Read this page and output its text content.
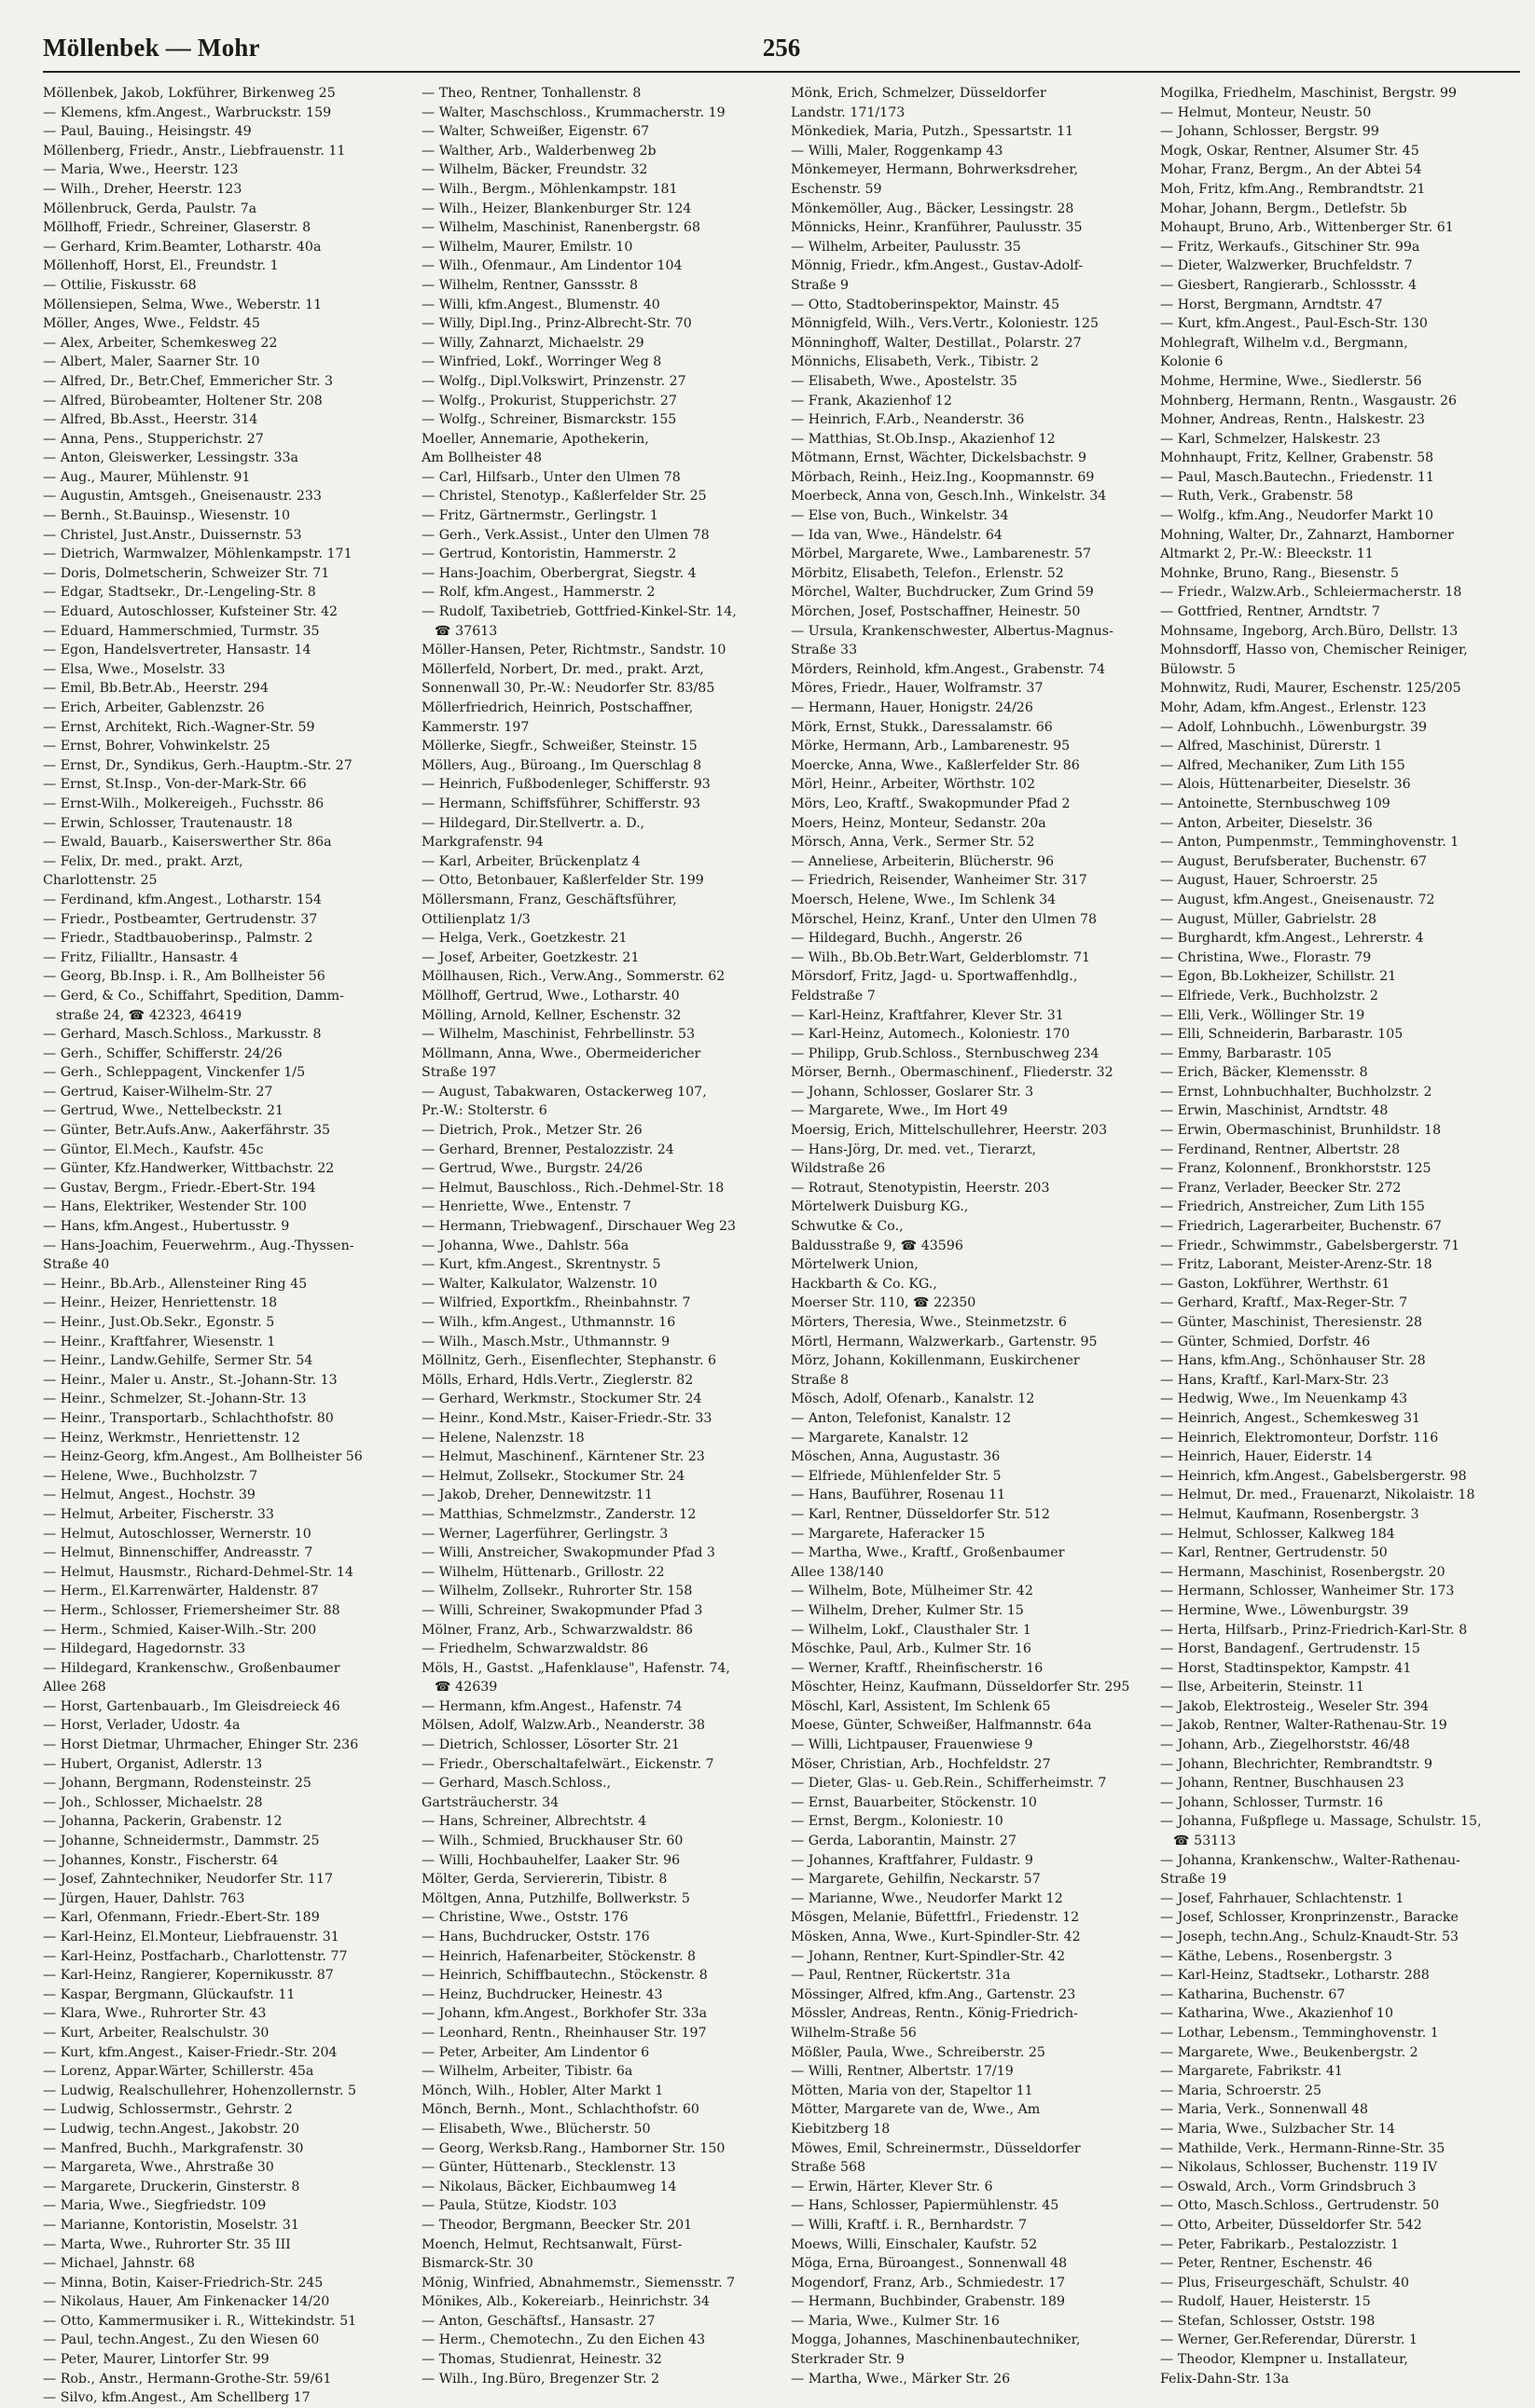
Möllenbek — Mohr	256
Möllenbek, Jakob, Lokführer, Birkenweg 25
— Klemens, kfm.Angest., Warbruckstr. 159
— Paul, Bauing., Heisingstr. 49
Möllenberg, Friedr., Anstr., Liebfrauenstr. 11
— Maria, Wwe., Heerstr. 123
— Wilh., Dreher, Heerstr. 123
Möllenbruck, Gerda, Paulstr. 7a
Möllhoff, Friedr., Schreiner, Glaserstr. 8
— Gerhard, Krim.Beamter, Lotharstr. 40a
Möllenhoff, Horst, El., Freundstr. 1
— Ottilie, Fiskusstr. 68
Möllensiepen, Selma, Wwe., Weberstr. 11
Möller, Anges, Wwe., Feldstr. 45
— Alex, Arbeiter, Schemkesweg 22
— Albert, Maler, Saarner Str. 10
— Alfred, Dr., Betr.Chef, Emmericher Str. 3
— Alfred, Bürobeamter, Holtener Str. 208
— Alfred, Bb.Asst., Heerstr. 314
— Anna, Pens., Stupperichstr. 27
— Anton, Gleiswerker, Lessingstr. 33a
— Aug., Maurer, Mühlenstr. 91
— Augustin, Amtsgeh., Gneisenaustr. 233
— Bernh., St.Bauinsp., Wiesenstr. 10
— Christel, Just.Anstr., Duissernstr. 53
— Dietrich, Warmwalzer, Möhlenkampstr. 171
— Doris, Dolmetscherin, Schweizer Str. 71
— Edgar, Stadtsekr., Dr.-Lengeling-Str. 8
— Eduard, Autoschlosser, Kufsteiner Str. 42
— Eduard, Hammerschmied, Turmstr. 35
— Egon, Handelsvertreter, Hansastr. 14
— Elsa, Wwe., Moselstr. 33
— Emil, Bb.Betr.Ab., Heerstr. 294
— Erich, Arbeiter, Gablenzstr. 26
— Ernst, Architekt, Rich.-Wagner-Str. 59
— Ernst, Bohrer, Vohwinkelstr. 25
— Ernst, Dr., Syndikus, Gerh.-Hauptm.-Str. 27
— Ernst, St.Insp., Von-der-Mark-Str. 66
— Ernst-Wilh., Molkereigeh., Fuchsstr. 86
— Erwin, Schlosser, Trautenaustr. 18
— Ewald, Bauarb., Kaiserswerther Str. 86a
— Felix, Dr. med., prakt. Arzt,
Charlottenstr. 25
— Ferdinand, kfm.Angest., Lotharstr. 154
— Friedr., Postbeamter, Gertrudenstr. 37
— Friedr., Stadtbauoberinsp., Palmstr. 2
— Fritz, Filialltr., Hansastr. 4
— Georg, Bb.Insp. i. R., Am Bollheister 56
— Gerd, & Co., Schiffahrt, Spedition, Damm-
straße 24, ☎ 42323, 46419
— Gerhard, Masch.Schloss., Markusstr. 8
— Gerh., Schiffer, Schifferstr. 24/26
— Gerh., Schleppagent, Vinckenfer 1/5
— Gertrud, Kaiser-Wilhelm-Str. 27
— Gertrud, Wwe., Nettelbeckstr. 21
— Günter, Betr.Aufs.Anw., Aakerfährstr. 35
— Güntor, El.Mech., Kaufstr. 45c
— Günter, Kfz.Handwerker, Wittbachstr. 22
— Gustav, Bergm., Friedr.-Ebert-Str. 194
— Hans, Elektriker, Westender Str. 100
— Hans, kfm.Angest., Hubertusstr. 9
— Hans-Joachim, Feuerwehrm., Aug.-Thyssen-
Straße 40
— Heinr., Bb.Arb., Allensteiner Ring 45
— Heinr., Heizer, Henriettenstr. 18
— Heinr., Just.Ob.Sekr., Egonstr. 5
— Heinr., Kraftfahrer, Wiesenstr. 1
— Heinr., Landw.Gehilfe, Sermer Str. 54
— Heinr., Maler u. Anstr., St.-Johann-Str. 13
— Heinr., Schmelzer, St.-Johann-Str. 13
— Heinr., Transportarb., Schlachthofstr. 80
— Heinz, Werkmstr., Henriettenstr. 12
— Heinz-Georg, kfm.Angest., Am Bollheister 56
— Helene, Wwe., Buchholzstr. 7
— Helmut, Angest., Hochstr. 39
— Helmut, Arbeiter, Fischerstr. 33
— Helmut, Autoschlosser, Wernerstr. 10
— Helmut, Binnenschiffer, Andreasstr. 7
— Helmut, Hausmstr., Richard-Dehmel-Str. 14
— Herm., El.Karrenwärter, Haldenstr. 87
— Herm., Schlosser, Friemersheimer Str. 88
— Herm., Schmied, Kaiser-Wilh.-Str. 200
— Hildegard, Hagedornstr. 33
— Hildegard, Krankenschw., Großenbaumer
Allee 268
— Horst, Gartenbauarb., Im Gleisdreieck 46
— Horst, Verlader, Udostr. 4a
— Horst Dietmar, Uhrmacher, Ehinger Str. 236
— Hubert, Organist, Adlerstr. 13
— Johann, Bergmann, Rodensteinstr. 25
— Joh., Schlosser, Michaelstr. 28
— Johanna, Packerin, Grabenstr. 12
— Johanne, Schneidermstr., Dammstr. 25
— Johannes, Konstr., Fischerstr. 64
— Josef, Zahntechniker, Neudorfer Str. 117
— Jürgen, Hauer, Dahlstr. 763
— Karl, Ofenmann, Friedr.-Ebert-Str. 189
— Karl-Heinz, El.Monteur, Liebfrauenstr. 31
— Karl-Heinz, Postfacharb., Charlottenstr. 77
— Karl-Heinz, Rangierer, Kopernikusstr. 87
— Kaspar, Bergmann, Glückaufstr. 11
— Klara, Wwe., Ruhrorter Str. 43
— Kurt, Arbeiter, Realschulstr. 30
— Kurt, kfm.Angest., Kaiser-Friedr.-Str. 204
— Lorenz, Appar.Wärter, Schillerstr. 45a
— Ludwig, Realschullehrer, Hohenzollernstr. 5
— Ludwig, Schlossermstr., Gehrstr. 2
— Ludwig, techn.Angest., Jakobstr. 20
— Manfred, Buchh., Markgrafenstr. 30
— Margareta, Wwe., Ahrstraße 30
— Margarete, Druckerin, Ginsterstr. 8
— Maria, Wwe., Siegfriedstr. 109
— Marianne, Kontoristin, Moselstr. 31
— Marta, Wwe., Ruhrorter Str. 35 III
— Michael, Jahnstr. 68
— Minna, Botin, Kaiser-Friedrich-Str. 245
— Nikolaus, Hauer, Am Finkenacker 14/20
— Otto, Kammermusiker i. R., Wittekindstr. 51
— Paul, techn.Angest., Zu den Wiesen 60
— Peter, Maurer, Lintorfer Str. 99
— Rob., Anstr., Hermann-Grothe-Str. 59/61
— Silvo, kfm.Angest., Am Schellberg 17
— Theo, Rentner, Tonhallenstr. 8
— Walter, Maschschloss., Krummacherstr. 19
— Walter, Schweißer, Eigenstr. 67
— Walther, Arb., Walderbenweg 2b
— Wilhelm, Bäcker, Freundstr. 32
— Wilh., Bergm., Möhlenkampstr. 181
— Wilh., Heizer, Blankenburger Str. 124
— Wilhelm, Maschinist, Ranenbergstr. 68
— Wilhelm, Maurer, Emilstr. 10
— Wilh., Ofenmaur., Am Lindentor 104
— Wilhelm, Rentner, Ganssstr. 8
— Willi, kfm.Angest., Blumenstr. 40
— Willy, Dipl.Ing., Prinz-Albrecht-Str. 70
— Willy, Zahnarzt, Michaelstr. 29
— Winfried, Lokf., Worringer Weg 8
— Wolfg., Dipl.Volkswirt, Prinzenstr. 27
— Wolfg., Prokurist, Stupperichstr. 27
— Wolfg., Schreiner, Bismarckstr. 155
Moeller, Annemarie, Apothekerin,
Am Bollheister 48
— Carl, Hilfsarb., Unter den Ulmen 78
— Christel, Stenotyp., Kaßlerfelder Str. 25
— Fritz, Gärtnermstr., Gerlingstr. 1
— Gerh., Verk.Assist., Unter den Ulmen 78
— Gertrud, Kontoristin, Hammerstr. 2
— Hans-Joachim, Oberbergrat, Siegstr. 4
— Rolf, kfm.Angest., Hammerstr. 2
— Rudolf, Taxibetrieb, Gottfried-Kinkel-Str. 14,
☎ 37613
Möller-Hansen, Peter, Richtmstr., Sandstr. 10
Möllerfeld, Norbert, Dr. med., prakt. Arzt,
Sonnenwall 30, Pr.-W.: Neudorfer Str. 83/85
Möllerfriedrich, Heinrich, Postschaffner,
Kammerstr. 197
Möllerke, Siegfr., Schweißer, Steinstr. 15
Möllers, Aug., Büroang., Im Querschlag 8
— Heinrich, Fußbodenleger, Schifferstr. 93
— Hermann, Schiffsführer, Schifferstr. 93
— Hildegard, Dir.Stellvertr. a. D.,
Markgrafenstr. 94
— Karl, Arbeiter, Brückenplatz 4
— Otto, Betonbauer, Kaßlerfelder Str. 199
Möllersmann, Franz, Geschäftsführer,
Ottilienplatz 1/3
— Helga, Verk., Goetzkestr. 21
— Josef, Arbeiter, Goetzkestr. 21
Möllhausen, Rich., Verw.Ang., Sommerstr. 62
Möllhoff, Gertrud, Wwe., Lotharstr. 40
Mölling, Arnold, Kellner, Eschenstr. 32
— Wilhelm, Maschinist, Fehrbellinstr. 53
Möllmann, Anna, Wwe., Obermeidericher
Straße 197
— August, Tabakwaren, Ostackerweg 107,
Pr.-W.: Stolterstr. 6
— Dietrich, Prok., Metzer Str. 26
— Gerhard, Brenner, Pestalozzistr. 24
— Gertrud, Wwe., Burgstr. 24/26
— Helmut, Bauschloss., Rich.-Dehmel-Str. 18
— Henriette, Wwe., Entenstr. 7
— Hermann, Triebwagenf., Dirschauer Weg 23
— Johanna, Wwe., Dahlstr. 56a
— Kurt, kfm.Angest., Skrentnystr. 5
— Walter, Kalkulator, Walzenstr. 10
— Wilfried, Exportkfm., Rheinbahnstr. 7
— Wilh., kfm.Angest., Uthmannstr. 16
— Wilh., Masch.Mstr., Uthmannstr. 9
Möllnitz, Gerh., Eisenflechter, Stephanstr. 6
Mölls, Erhard, Hdls.Vertr., Zieglerstr. 82
— Gerhard, Werkmstr., Stockumer Str. 24
— Heinr., Kond.Mstr., Kaiser-Friedr.-Str. 33
— Helene, Nalenzstr. 18
— Helmut, Maschinenf., Kärntener Str. 23
— Helmut, Zollsekr., Stockumer Str. 24
— Jakob, Dreher, Dennewitzstr. 11
— Matthias, Schmelzmstr., Zanderstr. 12
— Werner, Lagerführer, Gerlingstr. 3
— Willi, Anstreicher, Swakopmunder Pfad 3
— Wilhelm, Hüttenarb., Grillostr. 22
— Wilhelm, Zollsekr., Ruhrorter Str. 158
— Willi, Schreiner, Swakopmunder Pfad 3
Mölner, Franz, Arb., Schwarzwaldstr. 86
— Friedhelm, Schwarzwaldstr. 86
Möls, H., Gastst. „Hafenklause", Hafenstr. 74,
☎ 42639
— Hermann, kfm.Angest., Hafenstr. 74
Mölsen, Adolf, Walzw.Arb., Neanderstr. 38
— Dietrich, Schlosser, Lösorter Str. 21
— Friedr., Oberschaltafelwärt., Eickenstr. 7
— Gerhard, Masch.Schloss.,
Gartsträucherstr. 34
— Hans, Schreiner, Albrechtstr. 4
— Wilh., Schmied, Bruckhauser Str. 60
— Willi, Hochbauhelfer, Laaker Str. 96
Mölter, Gerda, Serviererin, Tibistr. 8
Möltgen, Anna, Putzhilfe, Bollwerkstr. 5
— Christine, Wwe., Oststr. 176
— Hans, Buchdrucker, Oststr. 176
— Heinrich, Hafenarbeiter, Stöckenstr. 8
— Heinrich, Schiffbautechn., Stöckenstr. 8
— Heinz, Buchdrucker, Heinestr. 43
— Johann, kfm.Angest., Borkhofer Str. 33a
— Leonhard, Rentn., Rheinhauser Str. 197
— Peter, Arbeiter, Am Lindentor 6
— Wilhelm, Arbeiter, Tibistr. 6a
Mönch, Wilh., Hobler, Alter Markt 1
Mönch, Bernh., Mont., Schlachthofstr. 60
— Elisabeth, Wwe., Blücherstr. 50
— Georg, Werksb.Rang., Hamborner Str. 150
— Günter, Hüttenarb., Stecklenstr. 13
— Nikolaus, Bäcker, Eichbaumweg 14
— Paula, Stütze, Kiodstr. 103
— Theodor, Bergmann, Beecker Str. 201
Moench, Helmut, Rechtsanwalt, Fürst-
Bismarck-Str. 30
Mönig, Winfried, Abnahmemstr., Siemensstr. 7
Mönikes, Alb., Kokereiarb., Heinrichstr. 34
— Anton, Geschäftsf., Hansastr. 27
— Herm., Chemotechn., Zu den Eichen 43
— Thomas, Studienrat, Heinestr. 32
— Wilh., Ing.Büro, Bregenzer Str. 2
Mönk, Erich, Schmelzer, Düsseldorfer
Landstr. 171/173
Mönkediek, Maria, Putzh., Spessartstr. 11
— Willi, Maler, Roggenkamp 43
Mönkemeyer, Hermann, Bohrwerksdreher,
Eschenstr. 59
Mönkemöller, Aug., Bäcker, Lessingstr. 28
Mönnicks, Heinr., Kranführer, Paulusstr. 35
— Wilhelm, Arbeiter, Paulusstr. 35
Mönnig, Friedr., kfm.Angest., Gustav-Adolf-
Straße 9
— Otto, Stadtoberinspektor, Mainstr. 45
Mönnigfeld, Wilh., Vers.Vertr., Koloniestr. 125
Mönninghoff, Walter, Destillat., Polarstr. 27
Mönnichs, Elisabeth, Verk., Tibistr. 2
— Elisabeth, Wwe., Apostelstr. 35
— Frank, Akazienhof 12
— Heinrich, F.Arb., Neanderstr. 36
— Matthias, St.Ob.Insp., Akazienhof 12
Mötmann, Ernst, Wächter, Dickelsbachstr. 9
Mörbach, Reinh., Heiz.Ing., Koopmannstr. 69
Moerbeck, Anna von, Gesch.Inh., Winkelstr. 34
— Else von, Buch., Winkelstr. 34
— Ida van, Wwe., Händelstr. 64
Mörbel, Margarete, Wwe., Lambarenestr. 57
Mörbitz, Elisabeth, Telefon., Erlenstr. 52
Mörchel, Walter, Buchdrucker, Zum Grind 59
Mörchen, Josef, Postschaffner, Heinestr. 50
— Ursula, Krankenschwester, Albertus-Magnus-
Straße 33
Mörders, Reinhold, kfm.Angest., Grabenstr. 74
Möres, Friedr., Hauer, Wolframstr. 37
— Hermann, Hauer, Honigstr. 24/26
Mörk, Ernst, Stukk., Daressalamstr. 66
Mörke, Hermann, Arb., Lambarenestr. 95
Moercke, Anna, Wwe., Kaßlerfelder Str. 86
Mörl, Heinr., Arbeiter, Wörthstr. 102
Mörs, Leo, Kraftf., Swakopmunder Pfad 2
Moers, Heinz, Monteur, Sedanstr. 20a
Mörsch, Anna, Verk., Sermer Str. 52
— Anneliese, Arbeiterin, Blücherstr. 96
— Friedrich, Reisender, Wanheimer Str. 317
Moersch, Helene, Wwe., Im Schlenk 34
Mörschel, Heinz, Kranf., Unter den Ulmen 78
— Hildegard, Buchh., Angerstr. 26
— Wilh., Bb.Ob.Betr.Wart, Gelderblomstr. 71
Mörsdorf, Fritz, Jagd- u. Sportwaffenhdlg.,
Feldstraße 7
— Karl-Heinz, Kraftfahrer, Klever Str. 31
— Karl-Heinz, Automech., Koloniestr. 170
— Philipp, Grub.Schloss., Sternbuschweg 234
Mörser, Bernh., Obermaschinenf., Fliederstr. 32
— Johann, Schlosser, Goslarer Str. 3
— Margarete, Wwe., Im Hort 49
Moersig, Erich, Mittelschullehrer, Heerstr. 203
— Hans-Jörg, Dr. med. vet., Tierarzt,
Wildstraße 26
— Rotraut, Stenotypistin, Heerstr. 203
Mörtelwerk Duisburg KG.,
Schwutke & Co.,
Baldusstraße 9, ☎ 43596
Mörtelwerk Union,
Hackbarth & Co. KG.,
Moerser Str. 110, ☎ 22350
Mörters, Theresia, Wwe., Steinmetzstr. 6
Mörtl, Hermann, Walzwerkarb., Gartenstr. 95
Mörz, Johann, Kokillenmann, Euskirchener
Straße 8
Mösch, Adolf, Ofenarb., Kanalstr. 12
— Anton, Telefonist, Kanalstr. 12
— Margarete, Kanalstr. 12
Möschen, Anna, Augustastr. 36
— Elfriede, Mühlenfelder Str. 5
— Hans, Bauführer, Rosenau 11
— Karl, Rentner, Düsseldorfer Str. 512
— Margarete, Haferacker 15
— Martha, Wwe., Kraftf., Großenbaumer
Allee 138/140
— Wilhelm, Bote, Mülheimer Str. 42
— Wilhelm, Dreher, Kulmer Str. 15
— Wilhelm, Lokf., Clausthaler Str. 1
Möschke, Paul, Arb., Kulmer Str. 16
— Werner, Kraftf., Rheinfischerstr. 16
Möschter, Heinz, Kaufmann, Düsseldorfer Str. 295
Möschl, Karl, Assistent, Im Schlenk 65
Moese, Günter, Schweißer, Halfmannstr. 64a
— Willi, Lichtpauser, Frauenwiese 9
Möser, Christian, Arb., Hochfeldstr. 27
— Dieter, Glas- u. Geb.Rein., Schifferheimstr. 7
— Ernst, Bauarbeiter, Stöckenstr. 10
— Ernst, Bergm., Koloniestr. 10
— Gerda, Laborantin, Mainstr. 27
— Johannes, Kraftfahrer, Fuldastr. 9
— Margarete, Gehilfin, Neckarstr. 57
— Marianne, Wwe., Neudorfer Markt 12
Mösgen, Melanie, Büfettfrl., Friedenstr. 12
Mösken, Anna, Wwe., Kurt-Spindler-Str. 42
— Johann, Rentner, Kurt-Spindler-Str. 42
— Paul, Rentner, Rückertstr. 31a
Mössinger, Alfred, kfm.Ang., Gartenstr. 23
Mössler, Andreas, Rentn., König-Friedrich-
Wilhelm-Straße 56
Mößler, Paula, Wwe., Schreiberstr. 25
— Willi, Rentner, Albertstr. 17/19
Mötten, Maria von der, Stapeltor 11
Mötter, Margarete van de, Wwe., Am
Kiebitzberg 18
Möwes, Emil, Schreinermstr., Düsseldorfer
Straße 568
— Erwin, Härter, Klever Str. 6
— Hans, Schlosser, Papiermühlenstr. 45
— Willi, Kraftf. i. R., Bernhardstr. 7
Moews, Willi, Einschaler, Kaufstr. 52
Möga, Erna, Büroangest., Sonnenwall 48
Mogendorf, Franz, Arb., Schmiedestr. 17
— Hermann, Buchbinder, Grabenstr. 189
— Maria, Wwe., Kulmer Str. 16
Mogga, Johannes, Maschinenbautechniker,
Sterkrader Str. 9
— Martha, Wwe., Märker Str. 26
Mogilka, Friedhelm, Maschinist, Bergstr. 99
— Helmut, Monteur, Neustr. 50
— Johann, Schlosser, Bergstr. 99
Mogk, Oskar, Rentner, Alsumer Str. 45
Mohar, Franz, Bergm., An der Abtei 54
Moh, Fritz, kfm.Ang., Rembrandtstr. 21
Mohar, Johann, Bergm., Detlefstr. 5b
Mohaupt, Bruno, Arb., Wittenberger Str. 61
— Fritz, Werkaufs., Gitschiner Str. 99a
— Dieter, Walzwerker, Bruchfeldstr. 7
— Giesbert, Rangierarb., Schlossstr. 4
— Horst, Bergmann, Arndtstr. 47
— Kurt, kfm.Angest., Paul-Esch-Str. 130
Mohlegraft, Wilhelm v.d., Bergmann,
Kolonie 6
Mohme, Hermine, Wwe., Siedlerstr. 56
Mohnberg, Hermann, Rentn., Wasgaustr. 26
Mohner, Andreas, Rentn., Halskestr. 23
— Karl, Schmelzer, Halskestr. 23
Mohnhaupt, Fritz, Kellner, Grabenstr. 58
— Paul, Masch.Bautechn., Friedenstr. 11
— Ruth, Verk., Grabenstr. 58
— Wolfg., kfm.Ang., Neudorfer Markt 10
Mohning, Walter, Dr., Zahnarzt, Hamborner
Altmarkt 2, Pr.-W.: Bleeckstr. 11
Mohnke, Bruno, Rang., Biesenstr. 5
— Friedr., Walzw.Arb., Schleiermacherstr. 18
— Gottfried, Rentner, Arndtstr. 7
Mohnsame, Ingeborg, Arch.Büro, Dellstr. 13
Mohnsdorff, Hasso von, Chemischer Reiniger,
Bülowstr. 5
Mohnwitz, Rudi, Maurer, Eschenstr. 125/205
Mohr, Adam, kfm.Angest., Erlenstr. 123
— Adolf, Lohnbuchh., Löwenburgstr. 39
— Alfred, Maschinist, Dürerstr. 1
— Alfred, Mechaniker, Zum Lith 155
— Alois, Hüttenarbeiter, Dieselstr. 36
— Antoinette, Sternbuschweg 109
— Anton, Arbeiter, Dieselstr. 36
— Anton, Pumpenmstr., Temminghovenstr. 1
— August, Berufsberater, Buchenstr. 67
— August, Hauer, Schroerstr. 25
— August, kfm.Angest., Gneisenaustr. 72
— August, Müller, Gabrielstr. 28
— Burghardt, kfm.Angest., Lehrerstr. 4
— Christina, Wwe., Florastr. 79
— Egon, Bb.Lokheizer, Schillstr. 21
— Elfriede, Verk., Buchholzstr. 2
— Elli, Verk., Wöllinger Str. 19
— Elli, Schneiderin, Barbarastr. 105
— Emmy, Barbarastr. 105
— Erich, Bäcker, Klemensstr. 8
— Ernst, Lohnbuchhalter, Buchholzstr. 2
— Erwin, Maschinist, Arndtstr. 48
— Erwin, Obermaschinist, Brunhildstr. 18
— Ferdinand, Rentner, Albertstr. 28
— Franz, Kolonnenf., Bronkhorststr. 125
— Franz, Verlader, Beecker Str. 272
— Friedrich, Anstreicher, Zum Lith 155
— Friedrich, Lagerarbeiter, Buchenstr. 67
— Friedr., Schwimmstr., Gabelsbergerstr. 71
— Fritz, Laborant, Meister-Arenz-Str. 18
— Gaston, Lokführer, Werthstr. 61
— Gerhard, Kraftf., Max-Reger-Str. 7
— Günter, Maschinist, Theresienstr. 28
— Günter, Schmied, Dorfstr. 46
— Hans, kfm.Ang., Schönhauser Str. 28
— Hans, Kraftf., Karl-Marx-Str. 23
— Hedwig, Wwe., Im Neuenkamp 43
— Heinrich, Angest., Schemkesweg 31
— Heinrich, Elektromonteur, Dorfstr. 116
— Heinrich, Hauer, Eiderstr. 14
— Heinrich, kfm.Angest., Gabelsbergerstr. 98
— Helmut, Dr. med., Frauenarzt, Nikolaistr. 18
— Helmut, Kaufmann, Rosenbergstr. 3
— Helmut, Schlosser, Kalkweg 184
— Karl, Rentner, Gertrudenstr. 50
— Hermann, Maschinist, Rosenbergstr. 20
— Hermann, Schlosser, Wanheimer Str. 173
— Hermine, Wwe., Löwenburgstr. 39
— Herta, Hilfsarb., Prinz-Friedrich-Karl-Str. 8
— Horst, Bandagenf., Gertrudenstr. 15
— Horst, Stadtinspektor, Kampstr. 41
— Ilse, Arbeiterin, Steinstr. 11
— Jakob, Elektrosteig., Weseler Str. 394
— Jakob, Rentner, Walter-Rathenau-Str. 19
— Johann, Arb., Ziegelhorststr. 46/48
— Johann, Blechrichter, Rembrandtstr. 9
— Johann, Rentner, Buschhausen 23
— Johann, Schlosser, Turmstr. 16
— Johanna, Fußpflege u. Massage, Schulstr. 15,
☎ 53113
— Johanna, Krankenschw., Walter-Rathenau-
Straße 19
— Josef, Fahrhauer, Schlachtenstr. 1
— Josef, Schlosser, Kronprinzenstr., Baracke
— Joseph, techn.Ang., Schulz-Knaudt-Str. 53
— Käthe, Lebens., Rosenbergstr. 3
— Karl-Heinz, Stadtsekr., Lotharstr. 288
— Katharina, Buchenstr. 67
— Katharina, Wwe., Akazienhof 10
— Lothar, Lebensm., Temminghovenstr. 1
— Margarete, Wwe., Beukenbergstr. 2
— Margarete, Fabrikstr. 41
— Maria, Schroerstr. 25
— Maria, Verk., Sonnenwall 48
— Maria, Wwe., Sulzbacher Str. 14
— Mathilde, Verk., Hermann-Rinne-Str. 35
— Nikolaus, Schlosser, Buchenstr. 119 IV
— Oswald, Arch., Vorm Grindsbruch 3
— Otto, Masch.Schloss., Gertrudenstr. 50
— Otto, Arbeiter, Düsseldorfer Str. 542
— Peter, Fabrikarb., Pestalozzistr. 1
— Peter, Rentner, Eschenstr. 46
— Plus, Friseurgeschäft, Schulstr. 40
— Rudolf, Hauer, Heisterstr. 15
— Stefan, Schlosser, Oststr. 198
— Werner, Ger.Referendar, Dürerstr. 1
— Theodor, Klempner u. Installateur,
Felix-Dahn-Str. 13a
